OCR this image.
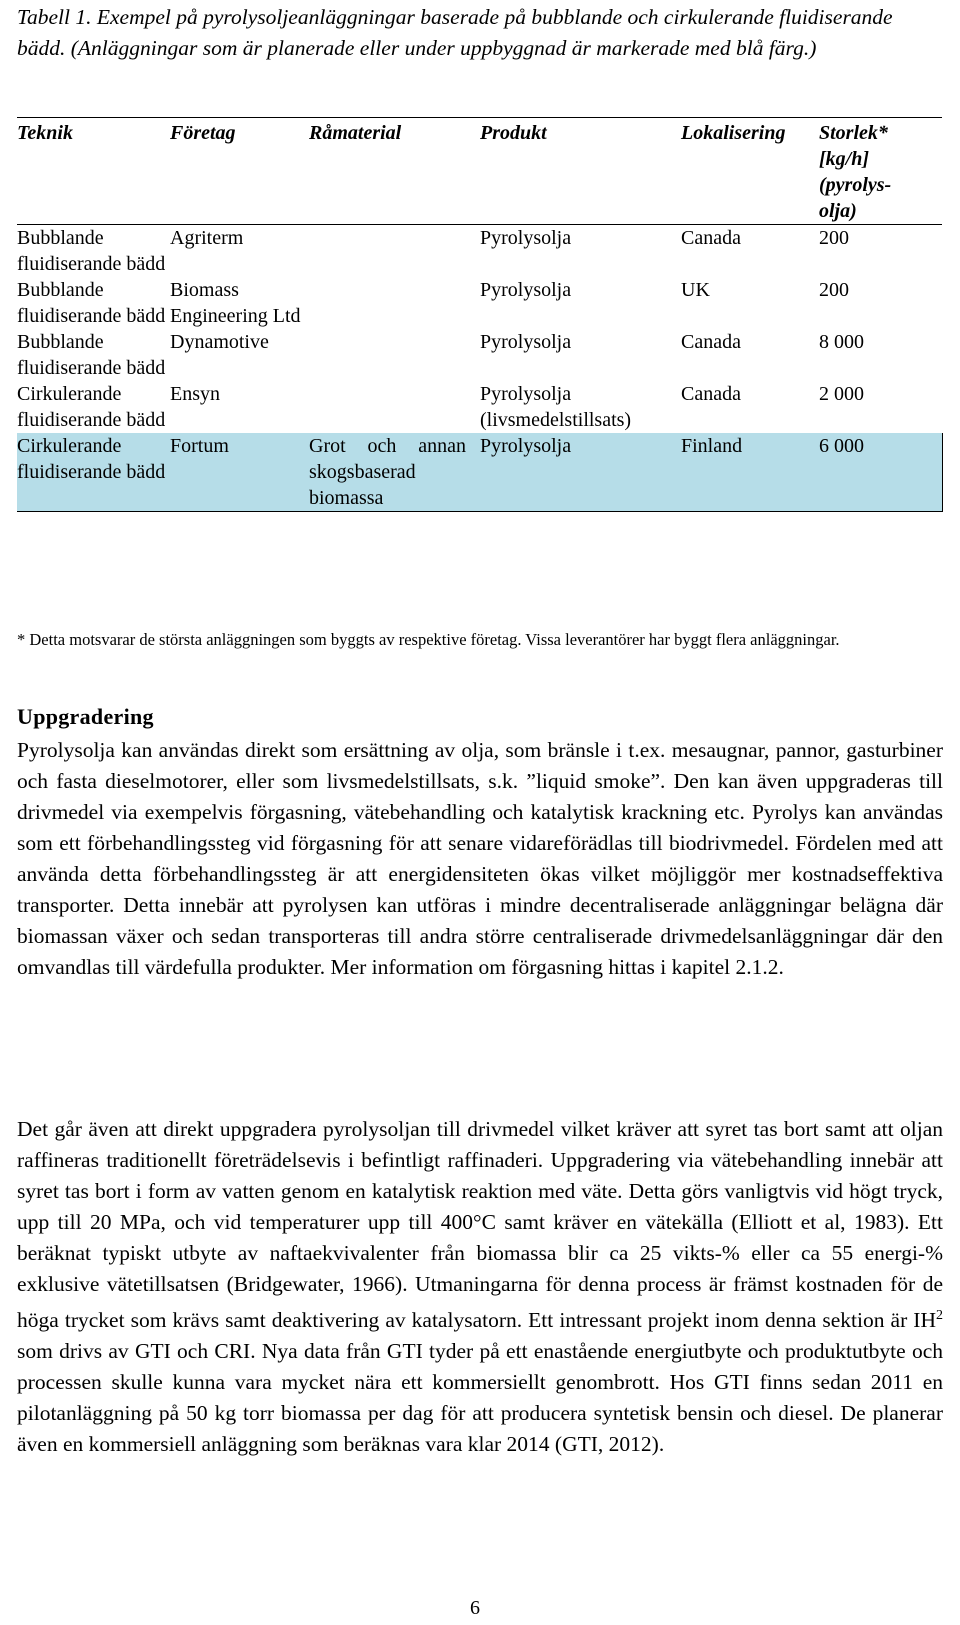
Tabell 1. Exempel på pyrolysoljeanläggningar baserade på bubblande och cirkulerande fluidiserande bädd. (Anläggningar som är planerade eller under uppbyggnad är markerade med blå färg.)
Teknik	Företag	Råmaterial	Produkt	Lokalisering	Storlek* [kg/h] (pyrolys-olja)
Bubblande fluidiserande bädd	Agriterm		Pyrolysolja	Canada	200
Bubblande fluidiserande bädd	Biomass Engineering Ltd		Pyrolysolja	UK	200
Bubblande fluidiserande bädd	Dynamotive		Pyrolysolja	Canada	8 000
Cirkulerande fluidiserande bädd	Ensyn		Pyrolysolja (livsmedelstillsats)	Canada	2 000
Cirkulerande fluidiserande bädd	Fortum	Grot och annan skogsbaserad biomassa	Pyrolysolja	Finland	6 000
* Detta motsvarar de största anläggningen som byggts av respektive företag. Vissa leverantörer har byggt flera anläggningar.
Uppgradering
Pyrolysolja kan användas direkt som ersättning av olja, som bränsle i t.ex. mesaugnar, pannor, gasturbiner och fasta dieselmotorer, eller som livsmedelstillsats, s.k. ”liquid smoke”. Den kan även uppgraderas till drivmedel via exempelvis förgasning, vätebehandling och katalytisk krackning etc. Pyrolys kan användas som ett förbehandlingssteg vid förgasning för att senare vidareförädlas till biodrivmedel. Fördelen med att använda detta förbehandlingssteg är att energidensiteten ökas vilket möjliggör mer kostnadseffektiva transporter. Detta innebär att pyrolysen kan utföras i mindre decentraliserade anläggningar belägna där biomassan växer och sedan transporteras till andra större centraliserade drivmedelsanläggningar där den omvandlas till värdefulla produkter. Mer information om förgasning hittas i kapitel 2.1.2.
Det går även att direkt uppgradera pyrolysoljan till drivmedel vilket kräver att syret tas bort samt att oljan raffineras traditionellt företrädelsevis i befintligt raffinaderi. Uppgradering via vätebehandling innebär att syret tas bort i form av vatten genom en katalytisk reaktion med väte. Detta görs vanligtvis vid högt tryck, upp till 20 MPa, och vid temperaturer upp till 400°C samt kräver en vätekälla (Elliott et al, 1983). Ett beräknat typiskt utbyte av naftaekvivalenter från biomassa blir ca 25 vikts-% eller ca 55 energi-% exklusive vätetillsatsen (Bridgewater, 1966). Utmaningarna för denna process är främst kostnaden för de höga trycket som krävs samt deaktivering av katalysatorn. Ett intressant projekt inom denna sektion är $IH^2$ som drivs av GTI och CRI. Nya data från GTI tyder på ett enastående energiutbyte och produktutbyte och processen skulle kunna vara mycket nära ett kommersiellt genombrott. Hos GTI finns sedan 2011 en pilotanläggning på 50 kg torr biomassa per dag för att producera syntetisk bensin och diesel. De planerar även en kommersiell anläggning som beräknas vara klar 2014 (GTI, 2012).
6
